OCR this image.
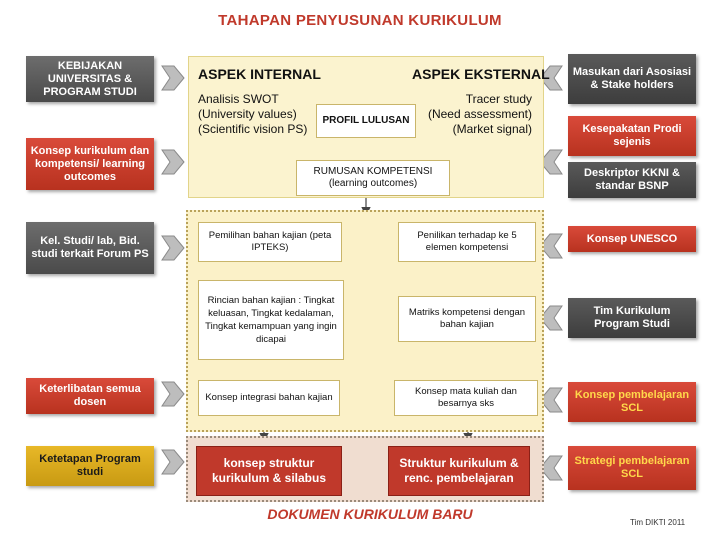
TAHAPAN PENYUSUNAN KURIKULUM
ASPEK INTERNAL	ASPEK EKSTERNAL
Analisis SWOT
(University values)
(Scientific vision PS)
Tracer study
(Need assessment)
(Market signal)
PROFIL LULUSAN
RUMUSAN KOMPETENSI (learning outcomes)
Pemilihan bahan kajian (peta IPTEKS)
Penilikan terhadap ke 5 elemen kompetensi
Rincian bahan kajian : Tingkat keluasan, Tingkat kedalaman, Tingkat kemampuan yang ingin dicapai
Matriks kompetensi dengan bahan kajian
Konsep integrasi bahan kajian
Konsep mata kuliah dan besarnya sks
konsep struktur kurikulum & silabus
Struktur kurikulum & renc. pembelajaran
KEBIJAKAN UNIVERSITAS & PROGRAM STUDI
Konsep kurikulum dan kompetensi/ learning outcomes
Kel. Studi/ lab, Bid. studi terkait Forum PS
Keterlibatan semua dosen
Ketetapan Program studi
Masukan dari Asosiasi & Stake holders
Kesepakatan Prodi sejenis
Deskriptor KKNI & standar BSNP
Konsep UNESCO
Tim Kurikulum Program Studi
Konsep pembelajaran SCL
Strategi pembelajaran SCL
DOKUMEN KURIKULUM BARU
Tim DIKTI 2011
